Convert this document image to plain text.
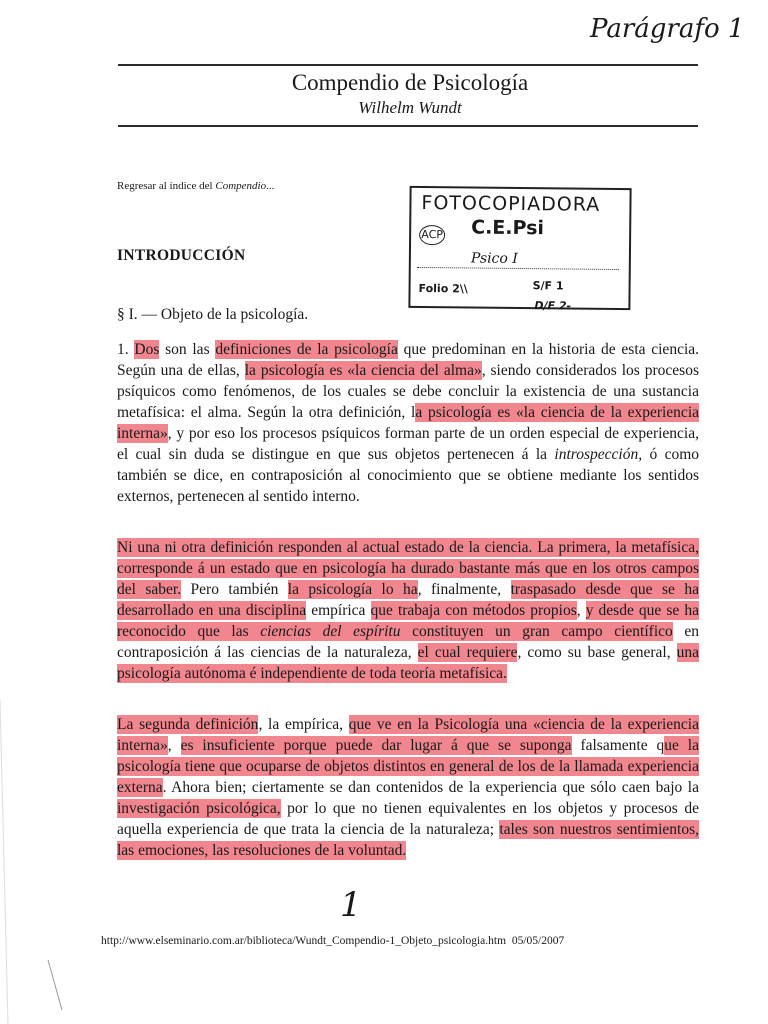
Parágrafo 1
Compendio de Psicología
Wilhelm Wundt
Regresar al índice del Compendio...
FOTOCOPIADORA
ACP C.E.Psi
Psico I
Folio 2\\	S/F 1
D/F 2-
INTRODUCCIÓN
§ I. — Objeto de la psicología.

1. Dos son las definiciones de la psicología que predominan en la historia de esta ciencia. Según una de ellas, la psicología es «la ciencia del alma», siendo considerados los procesos psíquicos como fenómenos, de los cuales se debe concluir la existencia de una sustancia metafísica: el alma. Según la otra definición, la psicología es «la ciencia de la experiencia interna», y por eso los procesos psíquicos forman parte de un orden especial de experiencia, el cual sin duda se distingue en que sus objetos pertenecen á la introspección, ó como también se dice, en contraposición al conocimiento que se obtiene mediante los sentidos externos, pertenecen al sentido interno.

Ni una ni otra definición responden al actual estado de la ciencia. La primera, la metafísica, corresponde á un estado que en psicología ha durado bastante más que en los otros campos del saber. Pero también la psicología lo ha, finalmente, traspasado desde que se ha desarrollado en una disciplina empírica que trabaja con métodos propios, y desde que se ha reconocido que las ciencias del espíritu constituyen un gran campo científico en contraposición á las ciencias de la naturaleza, el cual requiere, como su base general, una psicología autónoma é independiente de toda teoría metafísica.

La segunda definición, la empírica, que ve en la Psicología una «ciencia de la experiencia interna», es insuficiente porque puede dar lugar á que se suponga falsamente que la psicología tiene que ocuparse de objetos distintos en general de los de la llamada experiencia externa. Ahora bien; ciertamente se dan contenidos de la experiencia que sólo caen bajo la investigación psicológica, por lo que no tienen equivalentes en los objetos y procesos de aquella experiencia de que trata la ciencia de la naturaleza; tales son nuestros sentimientos, las emociones, las resoluciones de la voluntad.

1
http://www.elseminario.com.ar/biblioteca/Wundt_Compendio-1_Objeto_psicologia.htm 05/05/2007
